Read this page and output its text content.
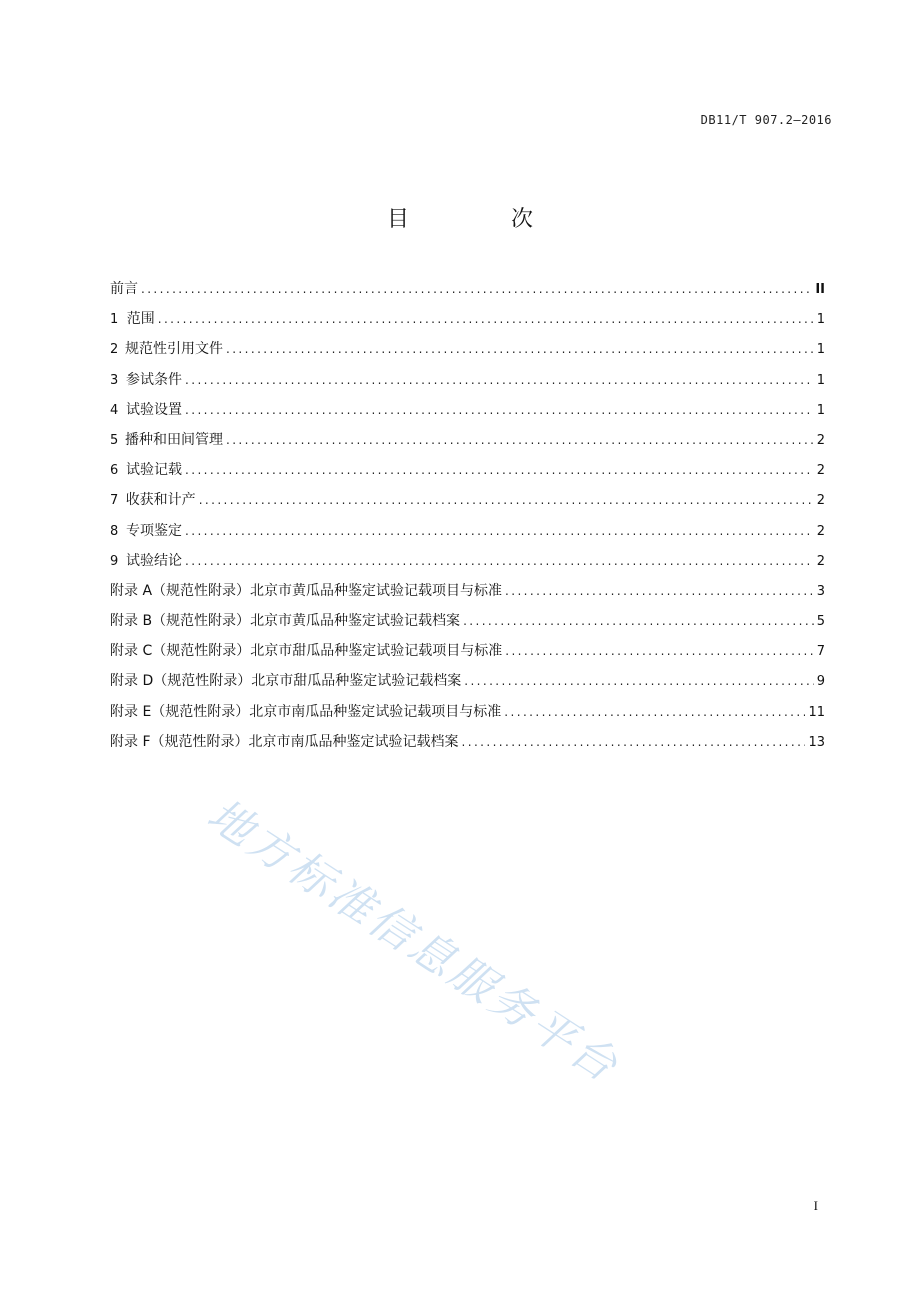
DB11/T 907.2—2016
目　次
前言 .....	II
1 范围 .....	1
2 规范性引用文件 .....	1
3 参试条件 .....	1
4 试验设置 .....	1
5 播种和田间管理 .....	2
6 试验记载 .....	2
7 收获和计产 .....	2
8 专项鉴定 .....	2
9 试验结论 .....	2
附录 A（规范性附录） 北京市黄瓜品种鉴定试验记载项目与标准 .....	3
附录 B（规范性附录） 北京市黄瓜品种鉴定试验记载档案 .....	5
附录 C（规范性附录） 北京市甜瓜品种鉴定试验记载项目与标准 .....	7
附录 D（规范性附录） 北京市甜瓜品种鉴定试验记载档案 .....	9
附录 E（规范性附录） 北京市南瓜品种鉴定试验记载项目与标准 .....	11
附录 F（规范性附录） 北京市南瓜品种鉴定试验记载档案 .....	13
地方标准信息服务平台
I
